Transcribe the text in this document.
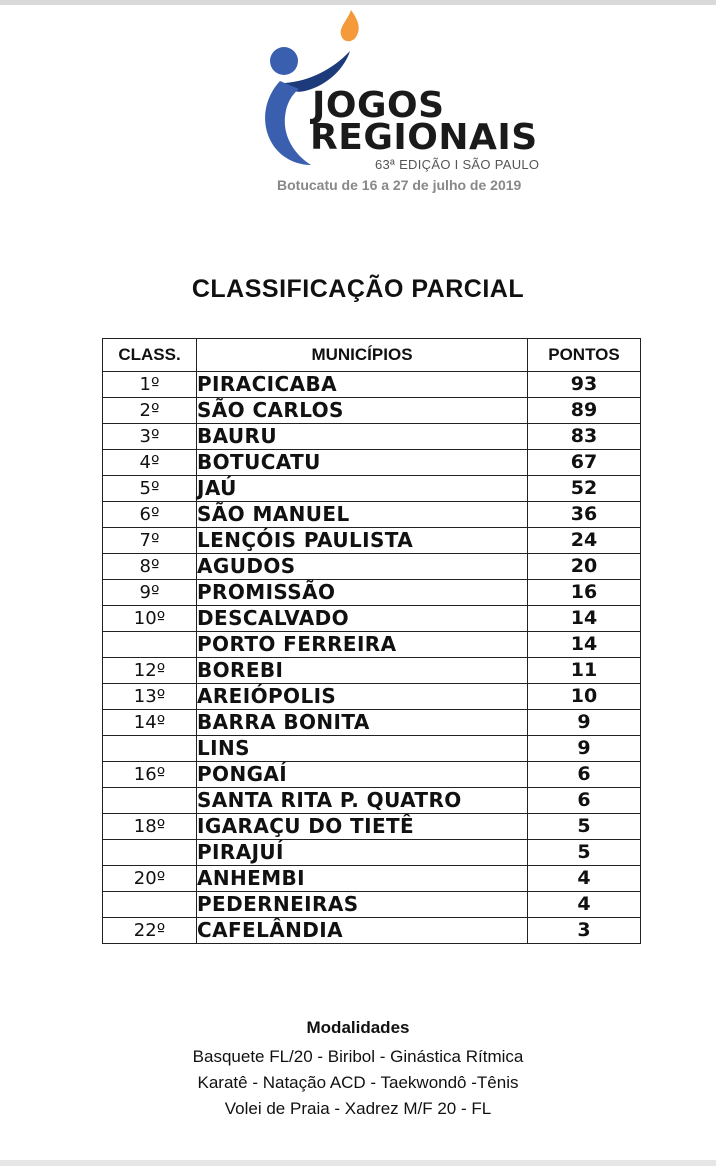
JOGOS
REGIONAIS
63ª EDIÇÃO I SÃO PAULO
Botucatu de 16 a 27 de julho de 2019
CLASSIFICAÇÃO PARCIAL
CLASS.	MUNICÍPIOS	PONTOS
1º	PIRACICABA	93
2º	SÃO CARLOS	89
3º	BAURU	83
4º	BOTUCATU	67
5º	JAÚ	52
6º	SÃO MANUEL	36
7º	LENÇÓIS PAULISTA	24
8º	AGUDOS	20
9º	PROMISSÃO	16
10º	DESCALVADO	14
	PORTO FERREIRA	14
12º	BOREBI	11
13º	AREIÓPOLIS	10
14º	BARRA BONITA	9
	LINS	9
16º	PONGAÍ	6
	SANTA RITA P. QUATRO	6
18º	IGARAÇU DO TIETÊ	5
	PIRAJUÍ	5
20º	ANHEMBI	4
	PEDERNEIRAS	4
22º	CAFELÂNDIA	3
Modalidades
Basquete FL/20 - Biribol - Ginástica Rítmica
Karatê - Natação ACD - Taekwondô -Tênis
Volei de Praia - Xadrez M/F 20 - FL
